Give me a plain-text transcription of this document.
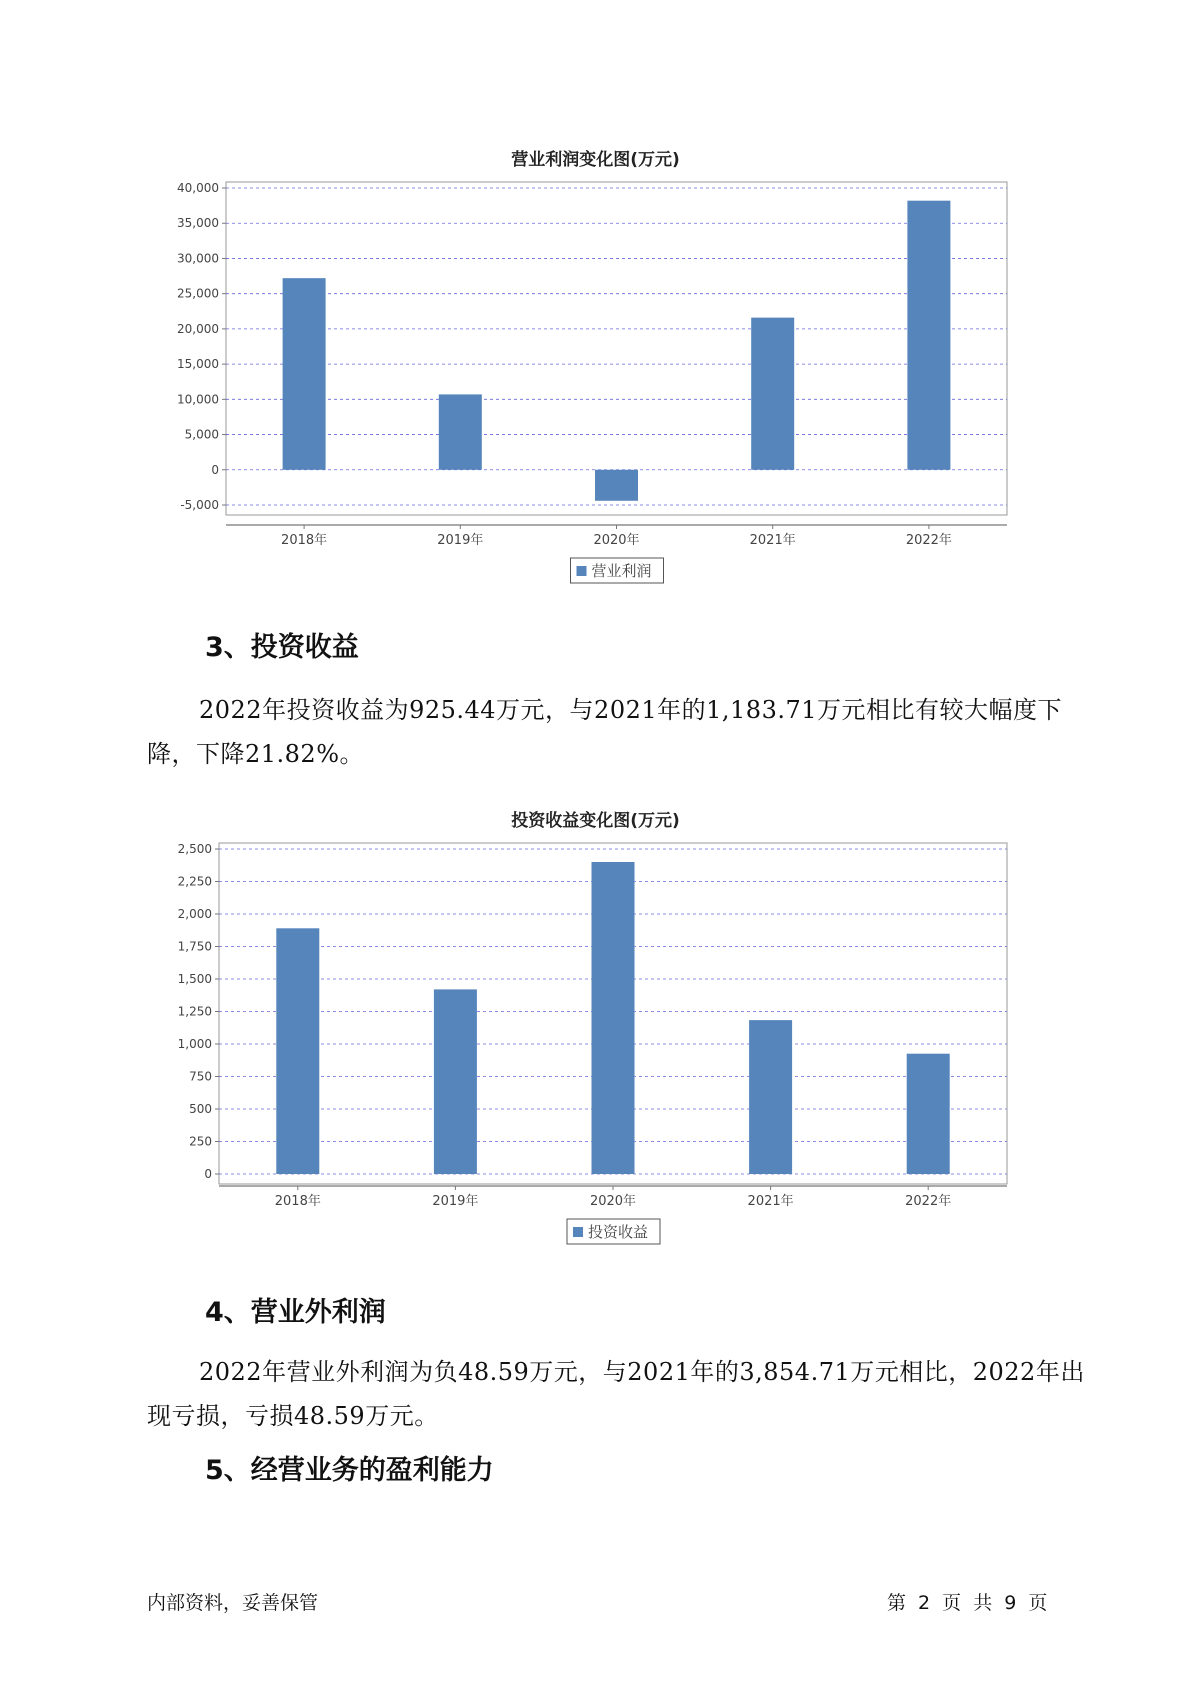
营业利润变化图(万元)
-5,000
0
5,000
10,000
15,000
20,000
25,000
30,000
35,000
40,000
2018年	2019年	2020年	2021年	2022年
营业利润
3、投资收益

2022年投资收益为925.44万元，与2021年的1,183.71万元相比有较大幅度下降，下降21.82%。

投资收益变化图(万元)
0
250
500
750
1,000
1,250
1,500
1,750
2,000
2,250
2,500
2018年	2019年	2020年	2021年	2022年
投资收益
4、营业外利润

2022年营业外利润为负48.59万元，与2021年的3,854.71万元相比，2022年出现亏损，亏损48.59万元。

5、经营业务的盈利能力
内部资料，妥善保管	第 2 页 共 9 页
